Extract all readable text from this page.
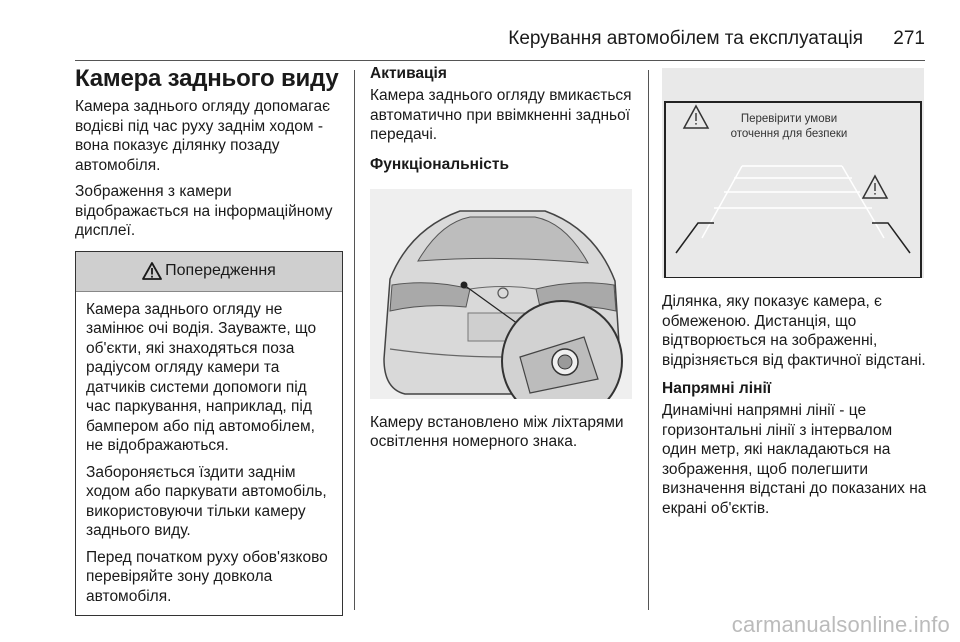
Керування автомобілем та експлуатація 271
Камера заднього виду

Камера заднього огляду допомагає водієві під час руху заднім ходом - вона показує ділянку позаду автомобіля.

Зображення з камери відображається на інформаційному дисплеї.

Попередження

Камера заднього огляду не замінює очі водія. Зауважте, що об'єкти, які знаходяться поза радіусом огляду камери та датчиків системи допомоги під час паркування, наприклад, під бампером або під автомобілем, не відображаються.

Забороняється їздити заднім ходом або паркувати автомобіль, використовуючи тільки камеру заднього виду.

Перед початком руху обов'язково перевіряйте зону довкола автомобіля.

Активація

Камера заднього огляду вмикається автоматично при ввімкненні задньої передачі.

Функціональність

Камеру встановлено між ліхтарями освітлення номерного знака.

Перевірити умови
оточення для безпеки

Ділянка, яку показує камера, є обмеженою. Дистанція, що відтворюється на зображенні, відрізняється від фактичної відстані.

Напрямні лінії

Динамічні напрямні лінії - це горизонтальні лінії з інтервалом один метр, які накладаються на зображення, щоб полегшити визначення відстані до показаних на екрані об'єктів.

carmanualsonline.info
